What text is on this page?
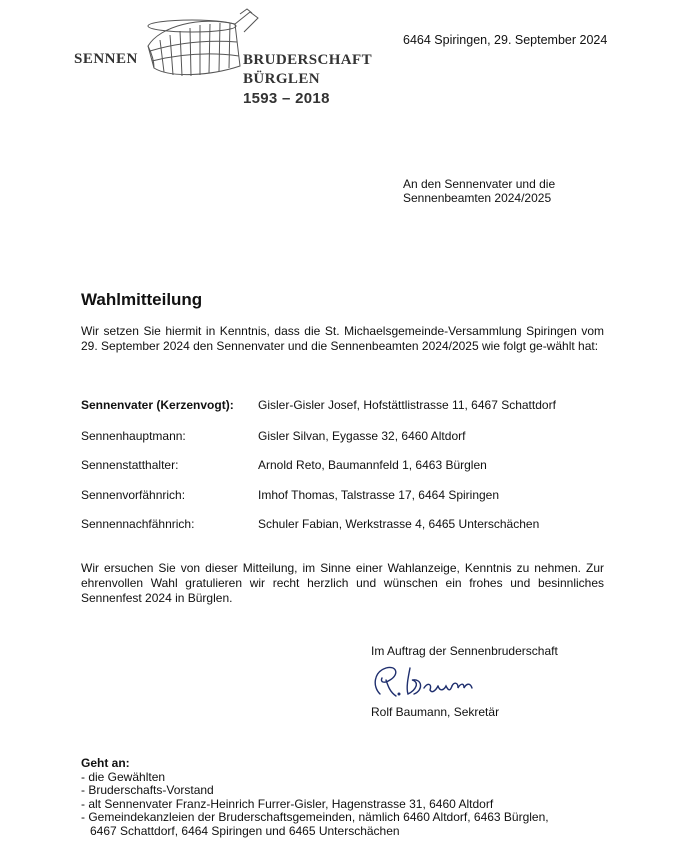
SENNEN	BRUDERSCHAFT
BÜRGLEN
1593 – 2018
6464 Spiringen, 29. September 2024
An den Sennenvater und die
Sennenbeamten 2024/2025
Wahlmitteilung
Wir setzen Sie hiermit in Kenntnis, dass die St. Michaelsgemeinde-Versammlung Spiringen vom 29. September 2024 den Sennenvater und die Sennenbeamten 2024/2025 wie folgt ge-wählt hat:
Sennenvater (Kerzenvogt): Gisler-Gisler Josef, Hofstättlistrasse 11, 6467 Schattdorf
Sennenhauptmann:	Gisler Silvan, Eygasse 32, 6460 Altdorf
Sennenstatthalter:	Arnold Reto, Baumannfeld 1, 6463 Bürglen
Sennenvorfähnrich:	Imhof Thomas, Talstrasse 17, 6464 Spiringen
Sennennachfähnrich:	Schuler Fabian, Werkstrasse 4, 6465 Unterschächen
Wir ersuchen Sie von dieser Mitteilung, im Sinne einer Wahlanzeige, Kenntnis zu nehmen. Zur ehrenvollen Wahl gratulieren wir recht herzlich und wünschen ein frohes und besinnliches Sennenfest 2024 in Bürglen.
Im Auftrag der Sennenbruderschaft
Rolf Baumann, Sekretär
Geht an:
- die Gewählten
- Bruderschafts-Vorstand
- alt Sennenvater Franz-Heinrich Furrer-Gisler, Hagenstrasse 31, 6460 Altdorf
- Gemeindekanzleien der Bruderschaftsgemeinden, nämlich 6460 Altdorf, 6463 Bürglen,
6467 Schattdorf, 6464 Spiringen und 6465 Unterschächen
